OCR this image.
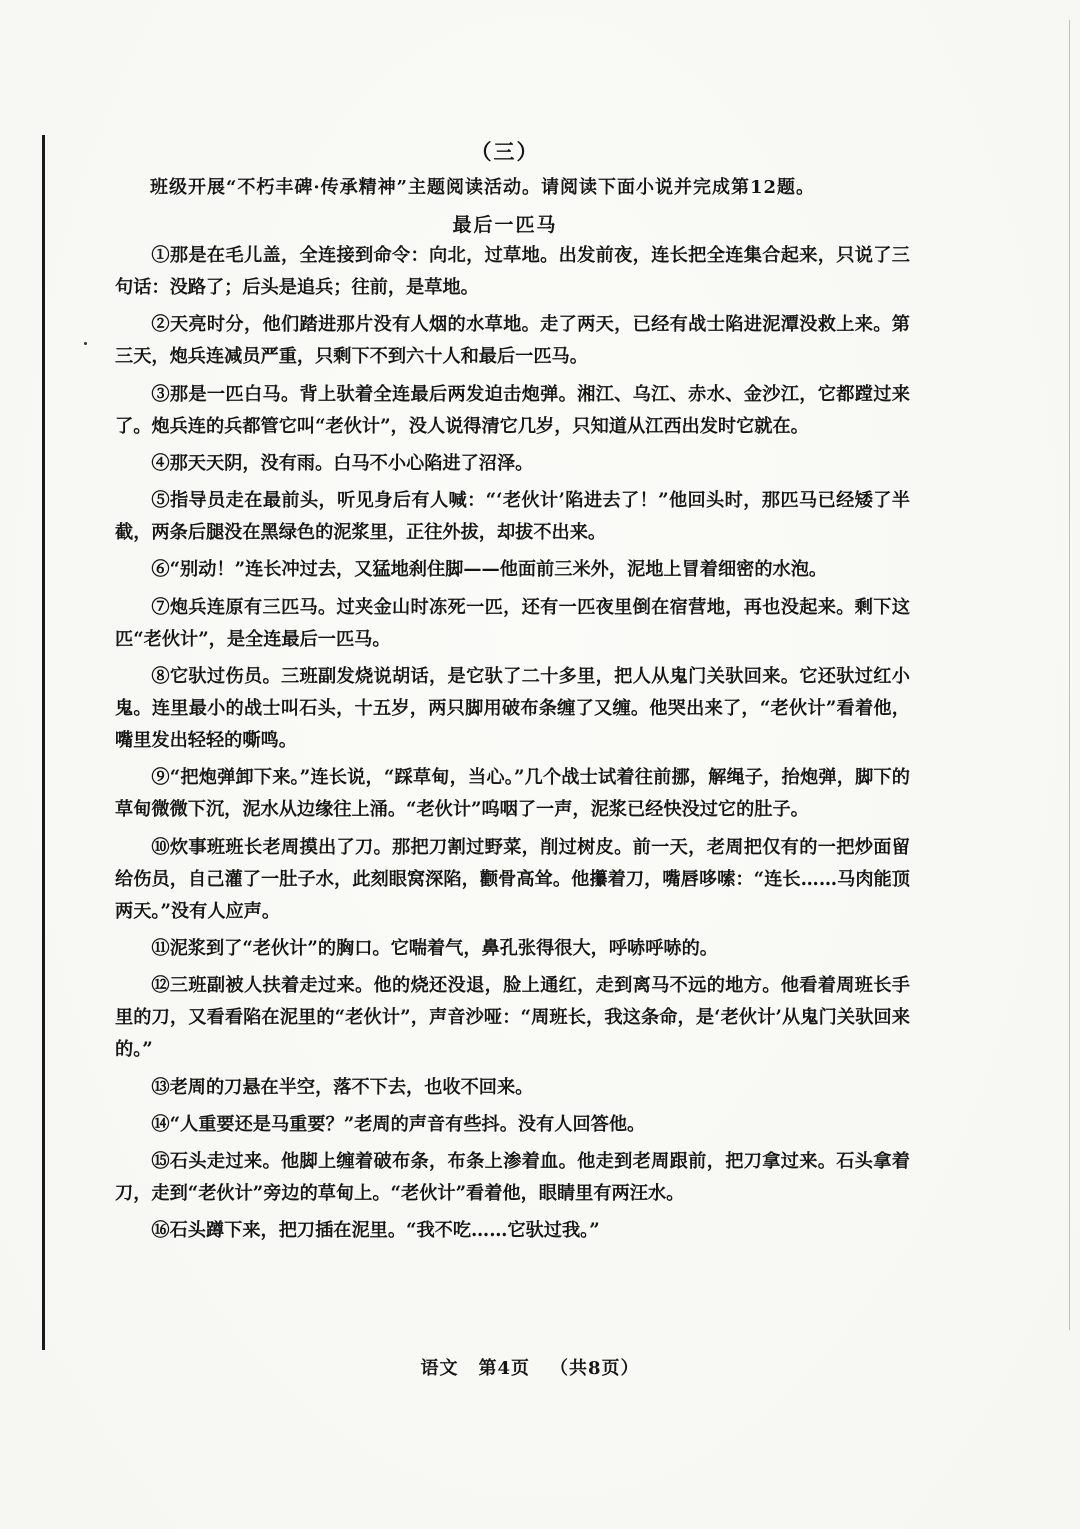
（三）
班级开展“不朽丰碑·传承精神”主题阅读活动。请阅读下面小说并完成第12题。
最后一匹马

①那是在毛儿盖，全连接到命令：向北，过草地。出发前夜，连长把全连集合起来，只说了三句话：没路了；后头是追兵；往前，是草地。

②天亮时分，他们踏进那片没有人烟的水草地。走了两天，已经有战士陷进泥潭没救上来。第三天，炮兵连减员严重，只剩下不到六十人和最后一匹马。

③那是一匹白马。背上驮着全连最后两发迫击炮弹。湘江、乌江、赤水、金沙江，它都蹚过来了。炮兵连的兵都管它叫“老伙计”，没人说得清它几岁，只知道从江西出发时它就在。

④那天天阴，没有雨。白马不小心陷进了沼泽。

⑤指导员走在最前头，听见身后有人喊：“‘老伙计’陷进去了！”他回头时，那匹马已经矮了半截，两条后腿没在黑绿色的泥浆里，正往外拔，却拔不出来。

⑥“别动！”连长冲过去，又猛地刹住脚——他面前三米外，泥地上冒着细密的水泡。

⑦炮兵连原有三匹马。过夹金山时冻死一匹，还有一匹夜里倒在宿营地，再也没起来。剩下这匹“老伙计”，是全连最后一匹马。

⑧它驮过伤员。三班副发烧说胡话，是它驮了二十多里，把人从鬼门关驮回来。它还驮过红小鬼。连里最小的战士叫石头，十五岁，两只脚用破布条缠了又缠。他哭出来了，“老伙计”看着他，嘴里发出轻轻的嘶鸣。

⑨“把炮弹卸下来。”连长说，“踩草甸，当心。”几个战士试着往前挪，解绳子，抬炮弹，脚下的草甸微微下沉，泥水从边缘往上涌。“老伙计”呜咽了一声，泥浆已经快没过它的肚子。

⑩炊事班班长老周摸出了刀。那把刀割过野菜，削过树皮。前一天，老周把仅有的一把炒面留给伤员，自己灌了一肚子水，此刻眼窝深陷，颧骨高耸。他攥着刀，嘴唇哆嗦：“连长……马肉能顶两天。”没有人应声。

⑪泥浆到了“老伙计”的胸口。它喘着气，鼻孔张得很大，呼哧呼哧的。

⑫三班副被人扶着走过来。他的烧还没退，脸上通红，走到离马不远的地方。他看着周班长手里的刀，又看看陷在泥里的“老伙计”，声音沙哑：“周班长，我这条命，是‘老伙计’从鬼门关驮回来的。”

⑬老周的刀悬在半空，落不下去，也收不回来。

⑭“人重要还是马重要？”老周的声音有些抖。没有人回答他。

⑮石头走过来。他脚上缠着破布条，布条上渗着血。他走到老周跟前，把刀拿过来。石头拿着刀，走到“老伙计”旁边的草甸上。“老伙计”看着他，眼睛里有两汪水。

⑯石头蹲下来，把刀插在泥里。“我不吃……它驮过我。”

语文 第4页 （共8页）
